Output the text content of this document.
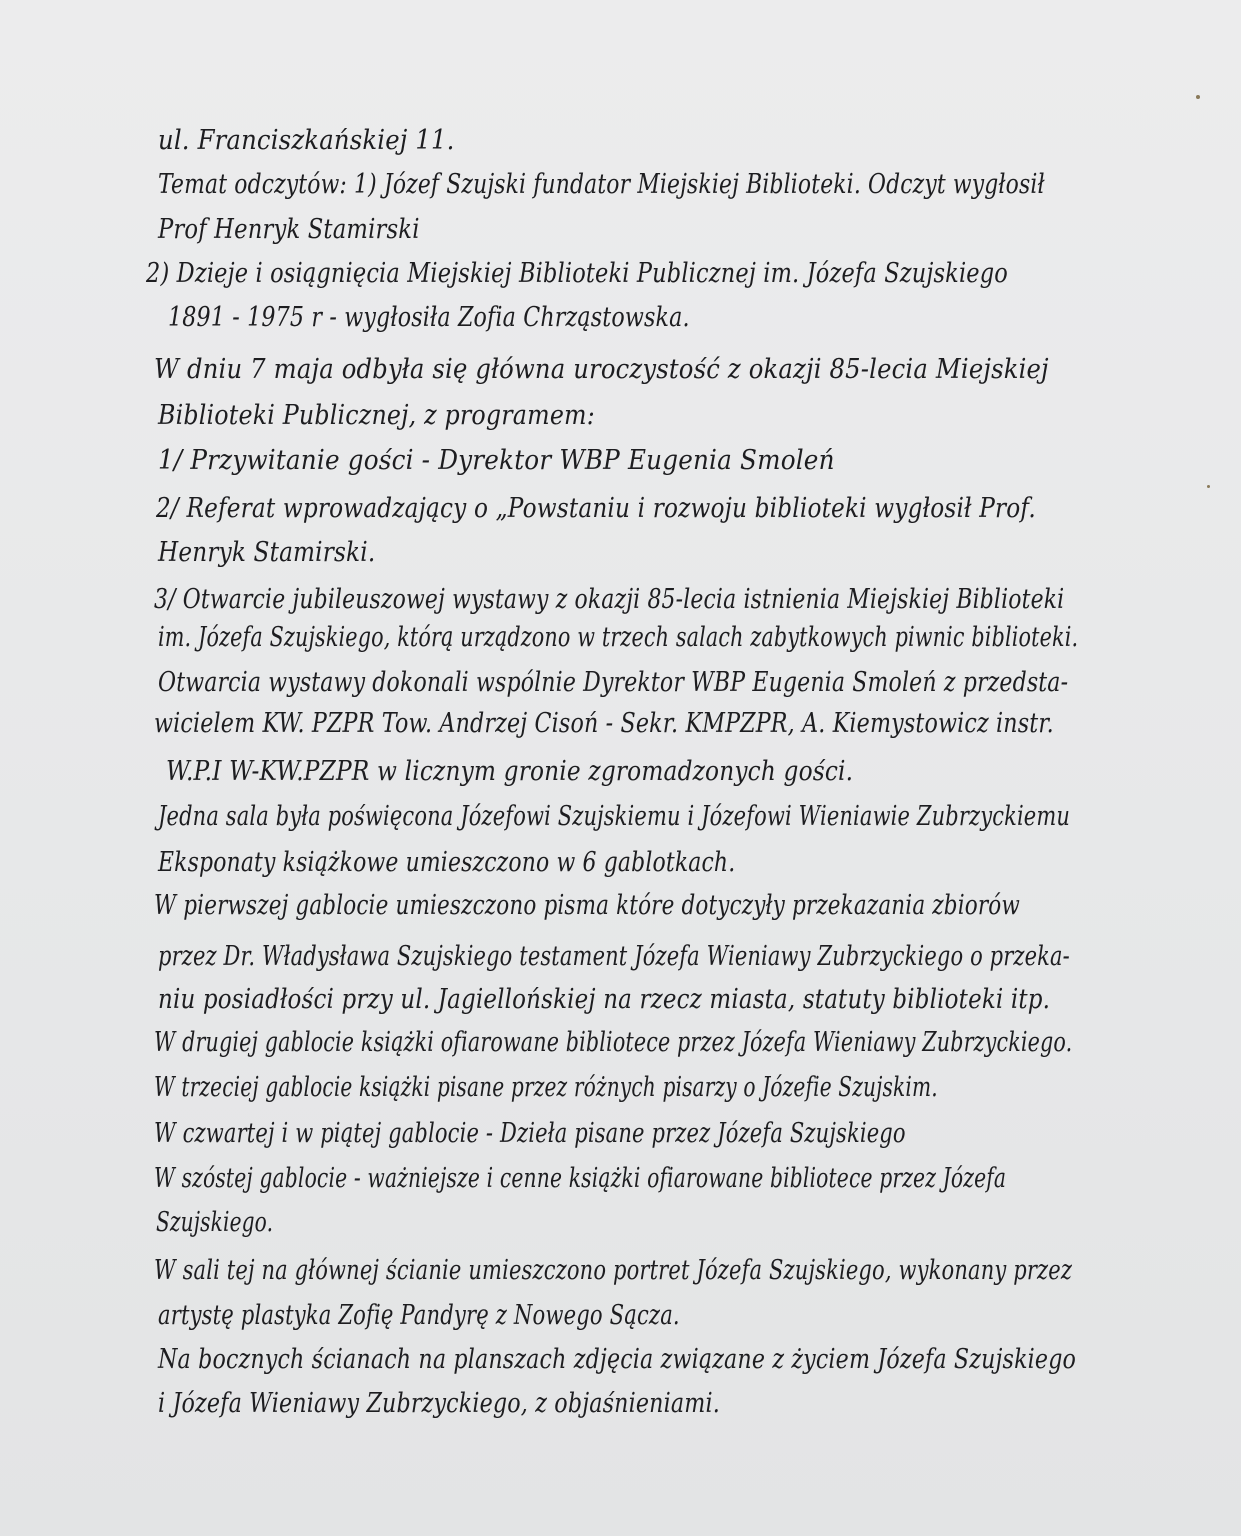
ul. Franciszkańskiej 11.
Temat odczytów: 1) Józef Szujski fundator Miejskiej Biblioteki. Odczyt wygłosił
Prof Henryk Stamirski
2) Dzieje i osiągnięcia Miejskiej Biblioteki Publicznej im. Józefa Szujskiego
1891 - 1975 r - wygłosiła Zofia Chrząstowska.
W dniu 7 maja odbyła się główna uroczystość z okazji 85-lecia Miejskiej
Biblioteki Publicznej, z programem:
1/ Przywitanie gości - Dyrektor WBP Eugenia Smoleń
2/ Referat wprowadzający o „Powstaniu i rozwoju biblioteki wygłosił Prof.
Henryk Stamirski.
3/ Otwarcie jubileuszowej wystawy z okazji 85-lecia istnienia Miejskiej Biblioteki
im. Józefa Szujskiego, którą urządzono w trzech salach zabytkowych piwnic biblioteki.
Otwarcia wystawy dokonali wspólnie Dyrektor WBP Eugenia Smoleń z przedsta-
wicielem KW. PZPR Tow. Andrzej Cisoń - Sekr. KMPZPR, A. Kiemystowicz instr.
W.P.I W-KW.PZPR w licznym gronie zgromadzonych gości.
Jedna sala była poświęcona Józefowi Szujskiemu i Józefowi Wieniawie Zubrzyckiemu
Eksponaty książkowe umieszczono w 6 gablotkach.
W pierwszej gablocie umieszczono pisma które dotyczyły przekazania zbiorów
przez Dr. Władysława Szujskiego testament Józefa Wieniawy Zubrzyckiego o przeka-
niu posiadłości przy ul. Jagiellońskiej na rzecz miasta, statuty biblioteki itp.
W drugiej gablocie książki ofiarowane bibliotece przez Józefa Wieniawy Zubrzyckiego.
W trzeciej gablocie książki pisane przez różnych pisarzy o Józefie Szujskim.
W czwartej i w piątej gablocie - Dzieła pisane przez Józefa Szujskiego
W szóstej gablocie - ważniejsze i cenne książki ofiarowane bibliotece przez Józefa
Szujskiego.
W sali tej na głównej ścianie umieszczono portret Józefa Szujskiego, wykonany przez
artystę plastyka Zofię Pandyrę z Nowego Sącza.
Na bocznych ścianach na planszach zdjęcia związane z życiem Józefa Szujskiego
i Józefa Wieniawy Zubrzyckiego, z objaśnieniami.
